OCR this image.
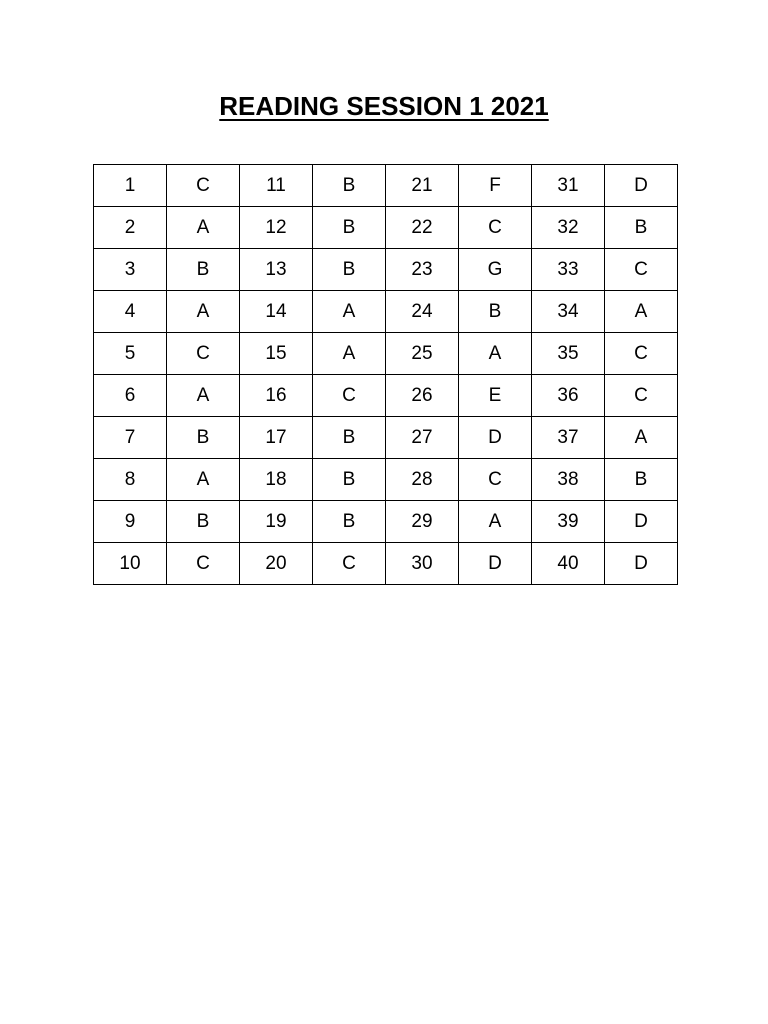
READING SESSION 1 2021
1	C	11	B	21	F	31	D
2	A	12	B	22	C	32	B
3	B	13	B	23	G	33	C
4	A	14	A	24	B	34	A
5	C	15	A	25	A	35	C
6	A	16	C	26	E	36	C
7	B	17	B	27	D	37	A
8	A	18	B	28	C	38	B
9	B	19	B	29	A	39	D
10	C	20	C	30	D	40	D
